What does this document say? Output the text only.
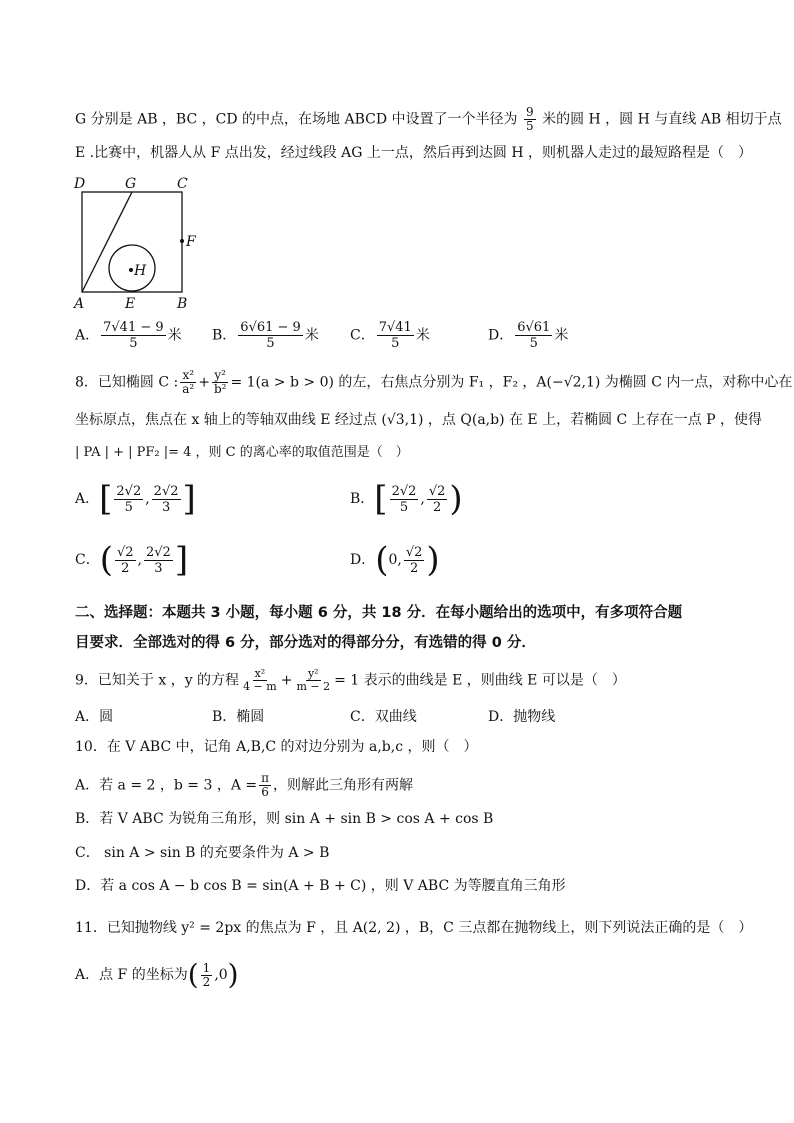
G 分别是 AB ，BC ，CD 的中点，在场地 ABCD 中设置了一个半径为 $\frac{9}{5}$ 米的圆 H ，圆 H 与直线 AB 相切于点
E .比赛中，机器人从 F 点出发，经过线段 AG 上一点，然后再到达圆 H ，则机器人走过的最短路程是（　）
D	G	C
F
H
A	E	B
A． $\frac{7√41 - 9}{5}$ 米 B． $\frac{6√61 - 9}{5}$ 米 C． $\frac{7√41}{5}$ 米	D． $\frac{6√61}{5}$ 米
8．已知椭圆 C : $\frac{\text{x²}}{\text{a²}} + \frac{\text{y²}}{\text{b²}} = 1(a > b > 0)$ 的左，右焦点分别为 F₁ ，F₂ ，A(−√2,1) 为椭圆 C 内一点，对称中心在
坐标原点，焦点在 x 轴上的等轴双曲线 E 经过点 (√3,1) ，点 Q(a,b) 在 E 上，若椭圆 C 上存在一点 P ，使得
| PA | + | PF₂ |= 4 ，则 C 的离心率的取值范围是（　）
A．[ $\frac{2√2}{5}$ , $\frac{2√2}{3}$ ]	B．[ $\frac{2√2}{5}$ , $\frac{√2}{2}$ )
C．( $\frac{√2}{2}$ , $\frac{2√2}{3}$ ]	D．(0, $\frac{√2}{2}$ )
二、选择题：本题共 3 小题，每小题 6 分，共 18 分．在每小题给出的选项中，有多项符合题
目要求．全部选对的得 6 分，部分选对的得部分分，有选错的得 0 分．
9．已知关于 x ，y 的方程 $\frac{\text{x²}}{4 - m} + \frac{\text{y²}}{m - 2} = 1$ 表示的曲线是 E ，则曲线 E 可以是（　）
A．圆	B．椭圆	C．双曲线	D．抛物线
10．在 V ABC 中，记角 A,B,C 的对边分别为 a,b,c ，则（　）
A．若 a = 2 ，b = 3 ，$A = \frac{\pi}{6}$ ，则解此三角形有两解
B．若 V ABC 为锐角三角形，则 sin A + sin B > cos A + cos B
C． sin A > sin B 的充要条件为 A > B
D．若 a cos A − b cos B = sin(A + B + C) ，则 V ABC 为等腰直角三角形
11．已知抛物线 y² = 2px 的焦点为 F ，且 A(2, 2) ，B，C 三点都在抛物线上，则下列说法正确的是（　）
A．点 F 的坐标为( $\frac{1}{2} ,0$)
